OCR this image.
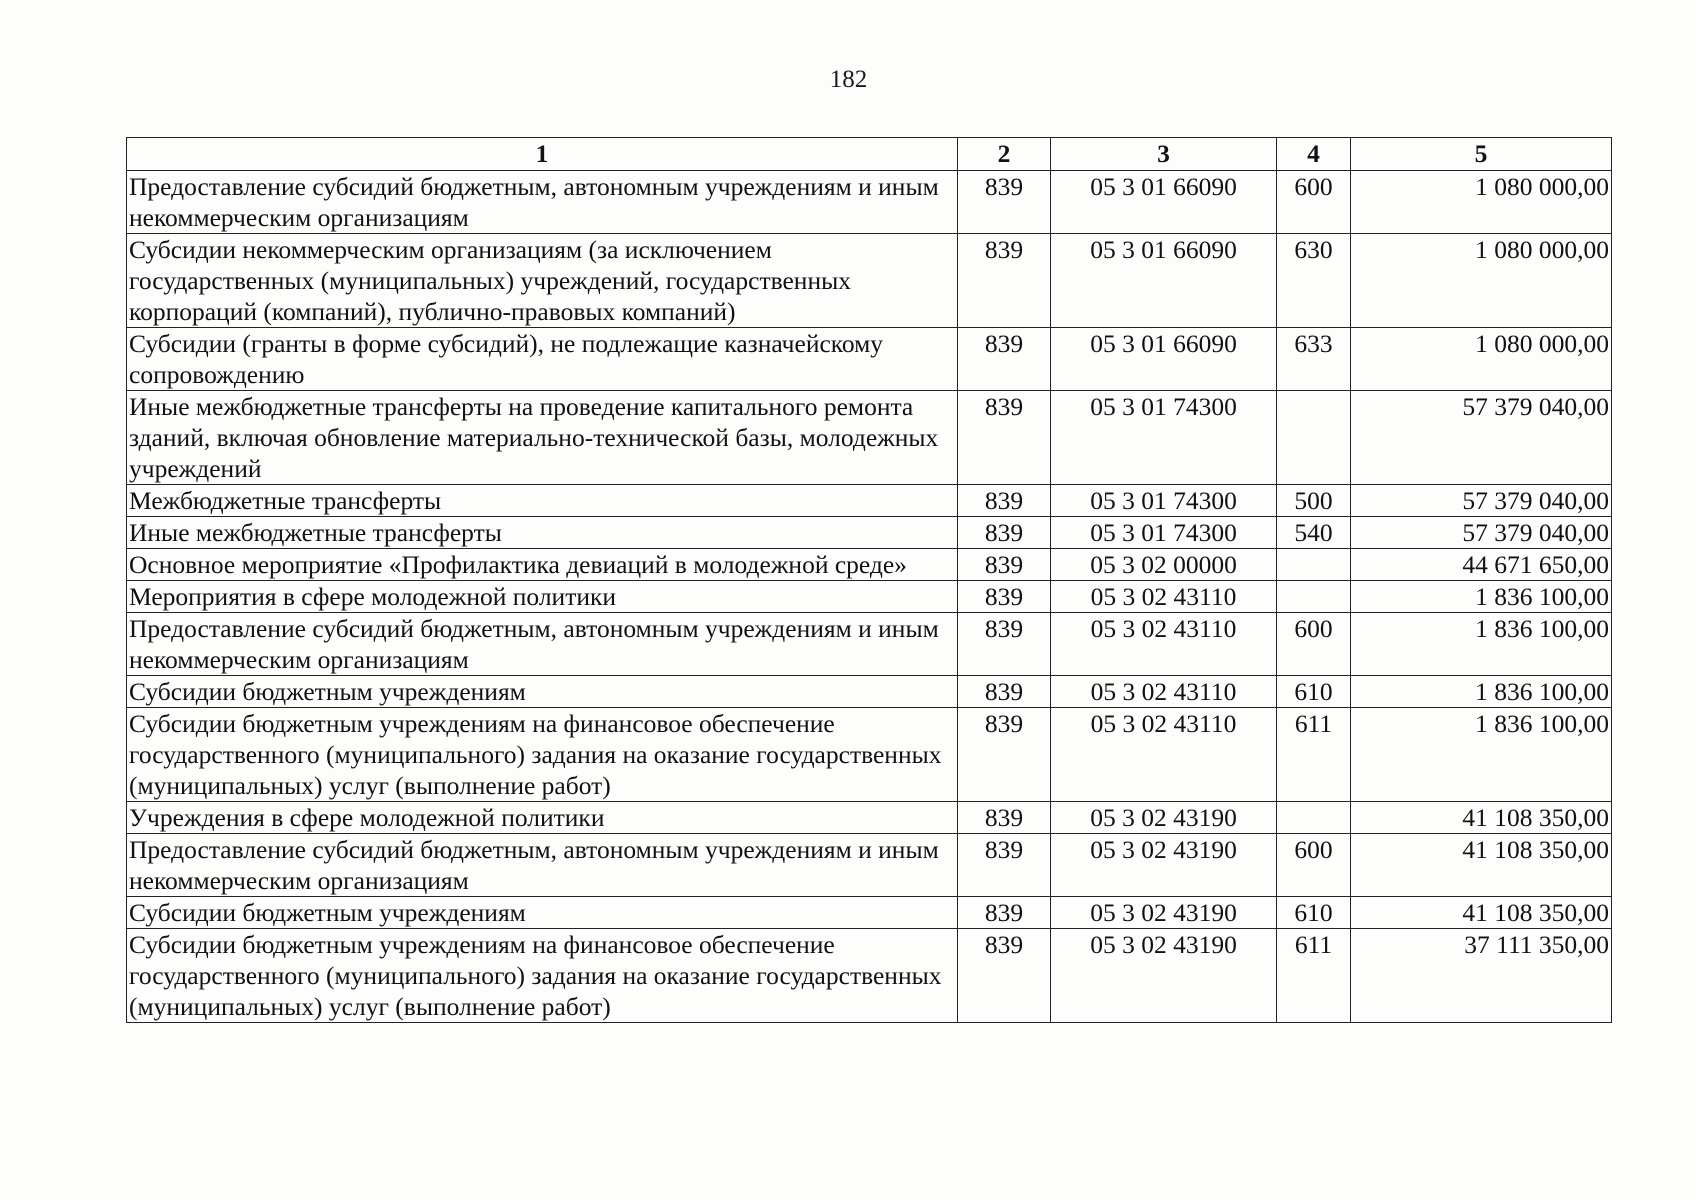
182
1	2	3	4	5
Предоставление субсидий бюджетным, автономным учреждениям и иным некоммерческим организациям	839	05 3 01 66090	600	1 080 000,00
Субсидии некоммерческим организациям (за исключением государственных (муниципальных) учреждений, государственных корпораций (компаний), публично-правовых компаний)	839	05 3 01 66090	630	1 080 000,00
Субсидии (гранты в форме субсидий), не подлежащие казначейскому сопровождению	839	05 3 01 66090	633	1 080 000,00
Иные межбюджетные трансферты на проведение капитального ремонта зданий, включая обновление материально-технической базы, молодежных учреждений	839	05 3 01 74300		57 379 040,00
Межбюджетные трансферты	839	05 3 01 74300	500	57 379 040,00
Иные межбюджетные трансферты	839	05 3 01 74300	540	57 379 040,00
Основное мероприятие «Профилактика девиаций в молодежной среде»	839	05 3 02 00000		44 671 650,00
Мероприятия в сфере молодежной политики	839	05 3 02 43110		1 836 100,00
Предоставление субсидий бюджетным, автономным учреждениям и иным некоммерческим организациям	839	05 3 02 43110	600	1 836 100,00
Субсидии бюджетным учреждениям	839	05 3 02 43110	610	1 836 100,00
Субсидии бюджетным учреждениям на финансовое обеспечение государственного (муниципального) задания на оказание государственных (муниципальных) услуг (выполнение работ)	839	05 3 02 43110	611	1 836 100,00
Учреждения в сфере молодежной политики	839	05 3 02 43190		41 108 350,00
Предоставление субсидий бюджетным, автономным учреждениям и иным некоммерческим организациям	839	05 3 02 43190	600	41 108 350,00
Субсидии бюджетным учреждениям	839	05 3 02 43190	610	41 108 350,00
Субсидии бюджетным учреждениям на финансовое обеспечение государственного (муниципального) задания на оказание государственных (муниципальных) услуг (выполнение работ)	839	05 3 02 43190	611	37 111 350,00
